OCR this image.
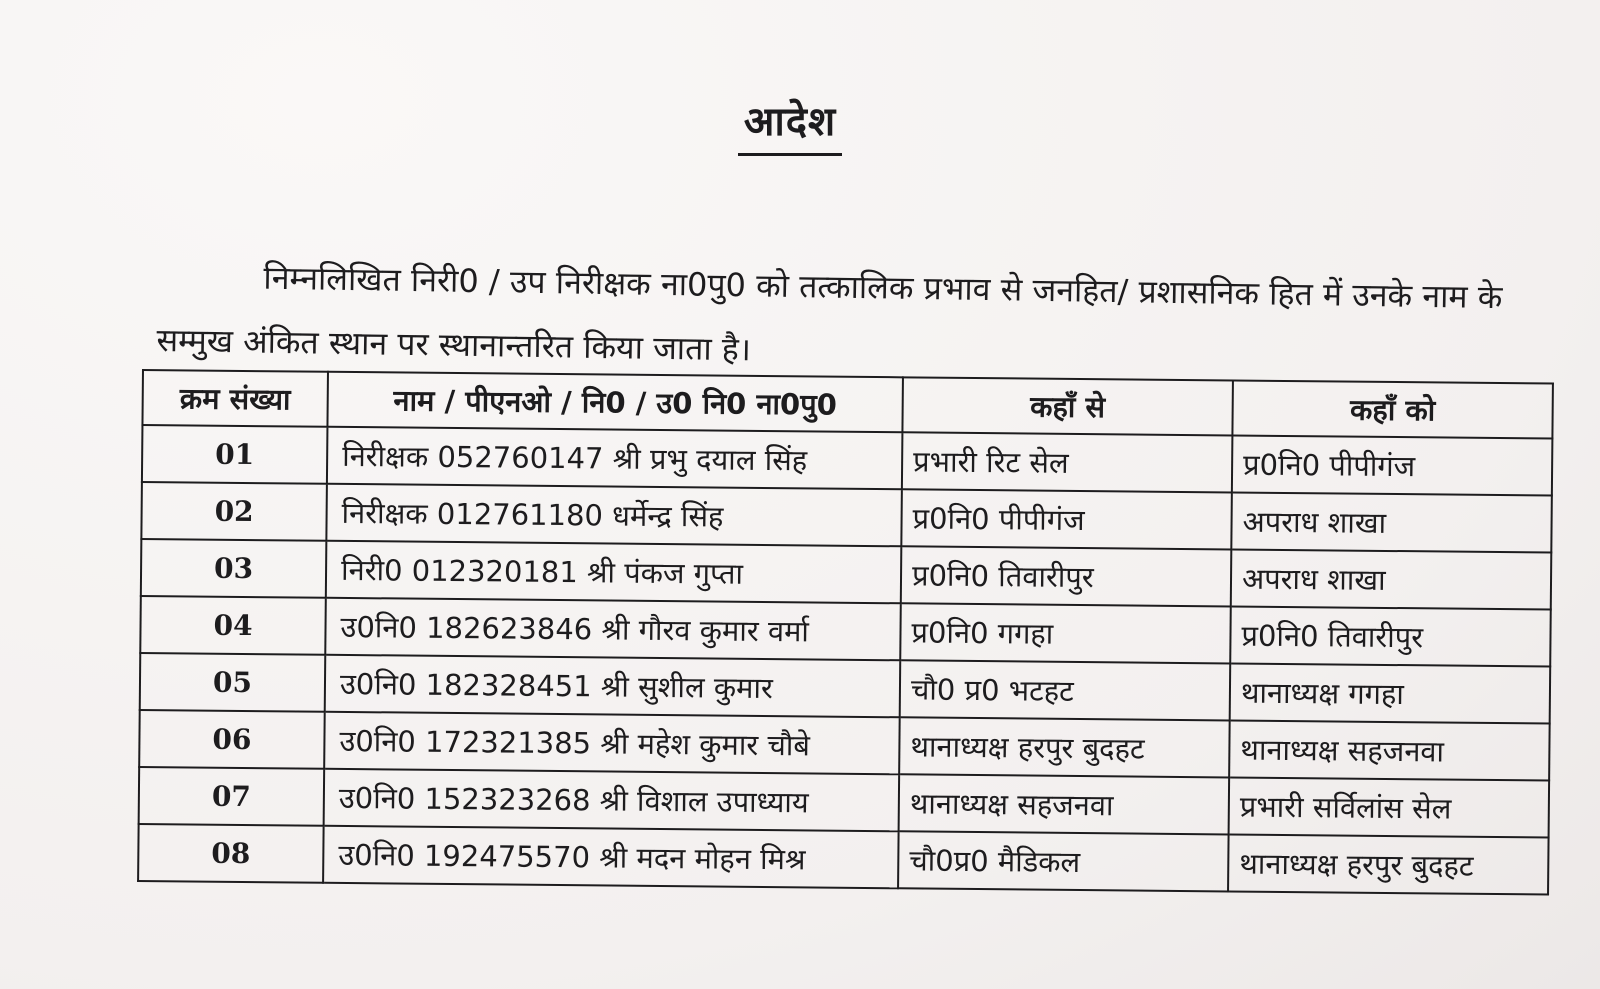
आदेश

निम्नलिखित निरी0 / उप निरीक्षक ना0पु0 को तत्कालिक प्रभाव से जनहित/ प्रशासनिक हित में उनके नाम के सम्मुख अंकित स्थान पर स्थानान्तरित किया जाता है।

क्रम संख्या	नाम / पीएनओ / नि0 / उ0 नि0 ना0पु0	कहाँ से	कहाँ को
01	निरीक्षक 052760147 श्री प्रभु दयाल सिंह	प्रभारी रिट सेल	प्र0नि0 पीपीगंज
02	निरीक्षक 012761180 धर्मेन्द्र सिंह	प्र0नि0 पीपीगंज	अपराध शाखा
03	निरी0 012320181 श्री पंकज गुप्ता	प्र0नि0 तिवारीपुर	अपराध शाखा
04	उ0नि0 182623846 श्री गौरव कुमार वर्मा	प्र0नि0 गगहा	प्र0नि0 तिवारीपुर
05	उ0नि0 182328451 श्री सुशील कुमार	चौ0 प्र0 भटहट	थानाध्यक्ष गगहा
06	उ0नि0 172321385 श्री महेश कुमार चौबे	थानाध्यक्ष हरपुर बुदहट	थानाध्यक्ष सहजनवा
07	उ0नि0 152323268 श्री विशाल उपाध्याय	थानाध्यक्ष सहजनवा	प्रभारी सर्विलांस सेल
08	उ0नि0 192475570 श्री मदन मोहन मिश्र	चौ0प्र0 मैडिकल	थानाध्यक्ष हरपुर बुदहट
